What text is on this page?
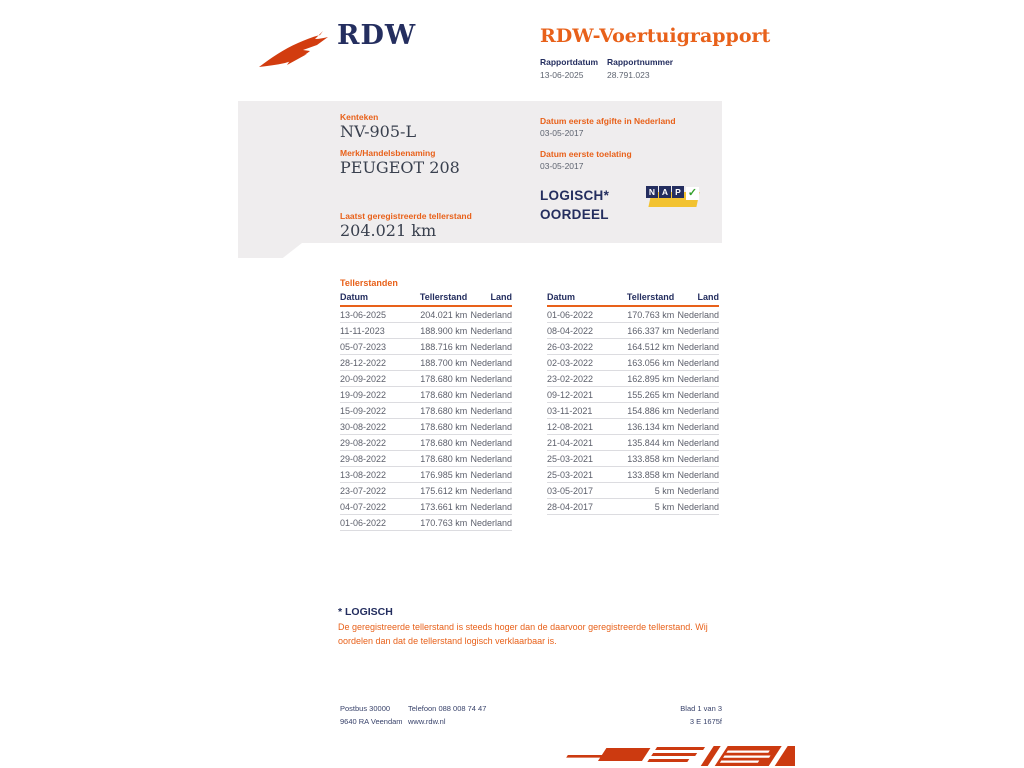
RDW	RDW-Voertuigrapport
Rapportdatum	Rapportnummer
13-06-2025	28.791.023
Kenteken
NV-905-L
Merk/Handelsbenaming
PEUGEOT 208
Laatst geregistreerde tellerstand
204.021 km
Datum eerste afgifte in Nederland
03-05-2017
Datum eerste toelating
03-05-2017
LOGISCH*
OORDEEL
N A P ✓
Tellerstanden
Datum	Tellerstand	Land
13-06-2025	204.021 km	Nederland
11-11-2023	188.900 km	Nederland
05-07-2023	188.716 km	Nederland
28-12-2022	188.700 km	Nederland
20-09-2022	178.680 km	Nederland
19-09-2022	178.680 km	Nederland
15-09-2022	178.680 km	Nederland
30-08-2022	178.680 km	Nederland
29-08-2022	178.680 km	Nederland
29-08-2022	178.680 km	Nederland
13-08-2022	176.985 km	Nederland
23-07-2022	175.612 km	Nederland
04-07-2022	173.661 km	Nederland
01-06-2022	170.763 km	Nederland
Datum	Tellerstand	Land
01-06-2022	170.763 km	Nederland
08-04-2022	166.337 km	Nederland
26-03-2022	164.512 km	Nederland
02-03-2022	163.056 km	Nederland
23-02-2022	162.895 km	Nederland
09-12-2021	155.265 km	Nederland
03-11-2021	154.886 km	Nederland
12-08-2021	136.134 km	Nederland
21-04-2021	135.844 km	Nederland
25-03-2021	133.858 km	Nederland
25-03-2021	133.858 km	Nederland
03-05-2017	5 km	Nederland
28-04-2017	5 km	Nederland
* LOGISCH
De geregistreerde tellerstand is steeds hoger dan de daarvoor geregistreerde tellerstand. Wij oordelen dan dat de tellerstand logisch verklaarbaar is.
Postbus 30000
9640 RA Veendam
Telefoon 088 008 74 47
www.rdw.nl
Blad 1 van 3
3 E 1675f
